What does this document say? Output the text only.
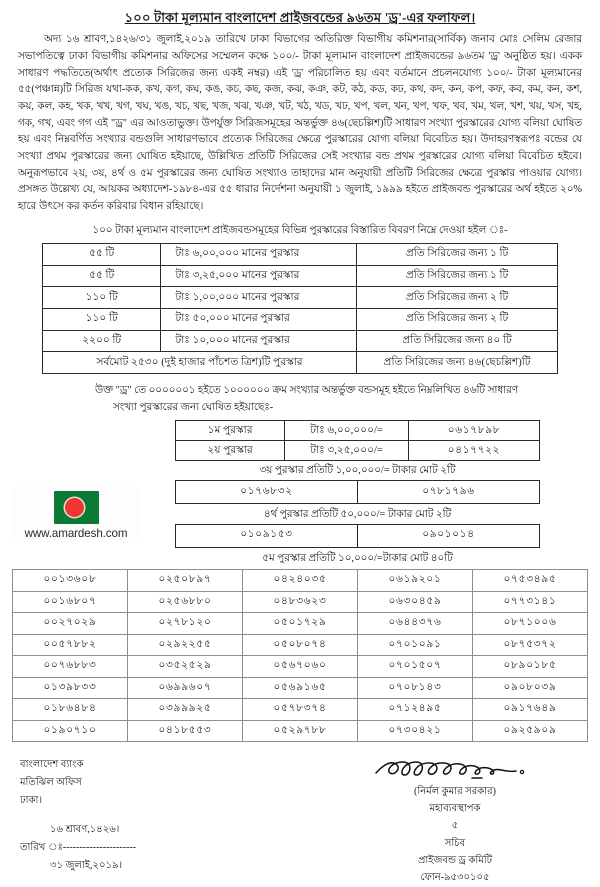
১০০ টাকা মূল্যমান বাংলাদেশ প্রাইজবন্ডের ৯৬তম 'ড্র'-এর ফলাফল।
অদ্য ১৬ শ্রাবণ,১৪২৬/৩১ জুলাই,২০১৯ তারিখে ঢাকা বিভাগের অতিরিক্ত বিভাগীয় কমিশনার(সার্বিক) জনাব মোঃ সেলিম রেজার সভাপতিত্বে ঢাকা বিভাগীয় কমিশনার অফিসের সম্মেলন কক্ষে ১০০/- টাকা মূল্যমান বাংলাদেশ প্রাইজবন্ডের ৯৬তম 'ড্র' অনুষ্ঠিত হয়। একক সাধারণ পদ্ধতিতে(অর্থাৎ প্রত্যেক সিরিজের জন্য একই নম্বর) এই 'ড্র' পরিচালিত হয় এবং বর্তমানে প্রচলনযোগ্য ১০০/- টাকা মূল্যমানের ৫৫(পঞ্চান্ন)টি সিরিজ যথা-কক, কখ, কগ, কঘ, কঙ, কচ, কছ, কজ, কঝ, কঞ, কট, কঠ, কড, কঢ, কথ, কদ, কন, কপ, কফ, কব, কম, কন, কশ, কয়, কল, কহ, খক, খখ, খগ, খঘ, খঙ, খচ, খছ, খজ, খঝ, খঞ, খট, খঠ, খড, খঢ, খপ, খল, খন, খপ, খফ, খব, খম, খল, খশ, খয়, খস, খহ, গক, গখ, এবং গগ এই "ড্র" এর আওতাভুক্ত। উপর্যুক্ত সিরিজসমূহের অন্তর্ভুক্ত ৪৬(ছেচল্লিশ)টি সাধারণ সংখ্যা পুরস্কারের যোগ্য বলিয়া ঘোষিত হয় এবং নিম্নবর্ণিত সংখ্যার বন্ডগুলি সাধারণভাবে প্রত্যেক সিরিজের ক্ষেত্রে পুরস্কারের যোগ্য বলিয়া বিবেচিত হয়। উদাহরণস্বরূপঃ বন্ডের যে সংখ্যা প্রথম পুরস্কারের জন্য ঘোষিত হইয়াছে, উল্লিখিত প্রতিটি সিরিজের সেই সংখ্যার বন্ড প্রথম পুরস্কারের যোগ্য বলিয়া বিবেচিত হইবে। অনুরূপভাবে ২য়, ৩য়, ৪র্থ ও ৫ম পুরস্কারের জন্য ঘোষিত সংখ্যাও তাহাদের মান অনুযায়ী প্রতিটি সিরিজের ক্ষেত্রে পুরস্কার পাওয়ার যোগ্য। প্রসঙ্গত উল্লেখ্য যে, আয়কর অধ্যাদেশ-১৯৮৪-এর ৫৫ ধারার নির্দেশনা অনুযায়ী ১ জুলাই, ১৯৯৯ হইতে প্রাইজবন্ড পুরস্কারের অর্থ হইতে ২০% হারে উৎসে কর কর্তন করিবার বিধান রহিয়াছে।
১০০ টাকা মূল্যমান বাংলাদেশ প্রাইজবন্ডসমূহের বিভিন্ন পুরস্কারের বিস্তারিত বিবরণ নিম্নে দেওয়া হইল ঃ-
৫৫ টি	টাঃ ৬,০০,০০০ মানের পুরস্কার	প্রতি সিরিজের জন্য ১ টি
৫৫ টি	টাঃ ৩,২৫,০০০ মানের পুরস্কার	প্রতি সিরিজের জন্য ১ টি
১১০ টি	টাঃ ১,০০,০০০ মানের পুরস্কার	প্রতি সিরিজের জন্য ২ টি
১১০ টি	টাঃ ৫০,০০০ মানের পুরস্কার	প্রতি সিরিজের জন্য ২ টি
২২০০ টি	টাঃ ১০,০০০ মানের পুরস্কার	প্রতি সিরিজের জন্য ৪০ টি
সর্বমোট ২৫৩০ (দুই হাজার পাঁচশত ত্রিশ)টি পুরস্কার		প্রতি সিরিজের জন্য ৪৬(ছেচল্লিশ)টি
উক্ত "ড্র" তে ০০০০০০১ হইতে ১০০০০০০ ক্রম সংখ্যার অন্তর্ভুক্ত বন্ডসমূহ হইতে নিম্নলিখিত ৪৬টি সাধারণ
সংখ্যা পুরস্কারের জন্য ঘোষিত হইয়াছেঃ-
www.amardesh.com
১ম পুরস্কার	টাঃ ৬,০০,০০০/=	০৬১৭৮৯৮
২য় পুরস্কার	টাঃ ৩,২৫,০০০/=	০৪১৭৭২২
৩য় পুরস্কার প্রতিটি ১,০০,০০০/= টাকার মোট ২টি
০১৭৬৮৩২	০৭৮১৭৯৬
৪র্থ পুরস্কার প্রতিটি ৫০,০০০/= টাকার মোট ২টি
০১০৯১৫৩	০৯০১০১৪
৫ম পুরস্কার প্রতিটি ১০,০০০/=টাকার মোট ৪০টি
০০১৩৬০৮	০২৫০৮৯৭	০৪২৪০৩৫	০৬১৯২০১	০৭৫৩৪৯৫
০০১৬৮০৭	০২৫৬৮৮০	০৪৮৩৬২৩	০৬৩০৪৫৯	০৭৭৩১৪১
০০২৭০২৯	০২৭৮১২০	০৫০১৭২৯	০৬৪৪৩৭৬	০৮৭১০০৬
০০৫৭৮৮২	০২৯২২৫৫	০৫০৮০৭৪	০৭০১০৯১	০৮৭৫৩৭২
০০৭৬৮৮৩	০৩৫২৫২৯	০৫৬৭০৬০	০৭০১৫০৭	০৮৯০১৮৫
০১৩৯৮৩৩	০৬৯৯৬০৭	০৫৬৯১৬৫	০৭০৮১৪৩	০৯০৮০৩৯
০১৮৬৪৮৪	০৩৯৯৯২৫	০৫৭৮৩৭৪	০৭১২৪৯৫	০৯১৭৬৪৯
০১৯০৭১০	০৪১৮৫৫৩	০৫২৯৭৮৮	০৭৩০৪২১	০৯২৫৯০৯
বাংলাদেশ ব্যাংক
মতিঝিল অফিস
ঢাকা।
১৬ শ্রাবণ,১৪২৬।
তারিখ ঃ----------------------
৩১ জুলাই,২০১৯।
(নির্মল কুমার সরকার)
মহাব্যবস্থাপক
৫
সচিব
প্রাইজবন্ড ড্র কমিটি
ফোন-৯৫৩০১০৫
